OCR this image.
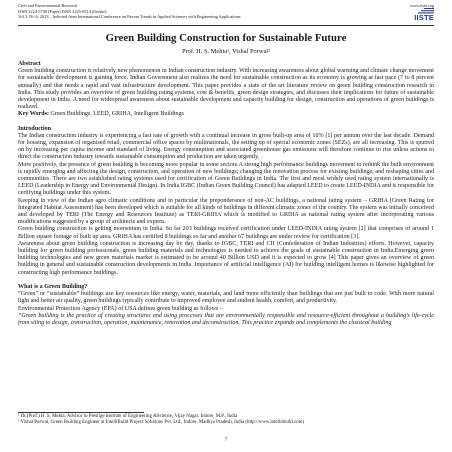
Civil and Environmental Research
ISSN 2224-5790 (Paper) ISSN 2225-0514 (Online)
Vol.3, No.6, 2013 – Selected from International Conference on Recent Trends in Applied Sciences with Engineering Applications
www.iiste.org
IISTE
Green Building Construction for Sustainable Future
Prof. H. S. Mehta¹, Vishal Porwal²
Abstract

Green building construction is relatively new phenomenon in Indian construction industry. With increasing awareness about global warming and climate change movement for sustainable development is gaining force. Indian Government also realizes the need for sustainable construction as its economy is growing at fast pace (7 to 8 percent annually) and that needs a rapid and vast infrastructure development. This paper provides a state of the art literature review on green building construction research in India. This study provides an overview of green building rating systems, cost & benefits, green design strategies, and discusses their implications for future of sustainable development in India. A need for widespread awareness about sustainable development and capacity building for design, construction and operations of green buildings is realized.

Key Words: Green Buildings, LEED, GRIHA, Intelligent Buildings

Introduction

The Indian construction industry is experiencing a fast rate of growth with a continual increase in gross built-up area of 10% [1] per annum over the last decade. Demand for housing, expansion of organised retail, commercial office spaces by multinationals, the setting up of special economic zones (SEZs), are all increasing. This is spurred on by increasing per capita income and standard of living. Energy consumption and associated greenhouse gas emissions will therefore continue to rise unless actions to direct the construction industry towards sustainable consumption and production are taken urgently.

More positively, the presence of green building is becoming more popular in some sectors.A strong high performance buildings movement to rethink the built environment is rapidly emerging and affecting the design, construction, and operation of new buildings; changing the renovation process for existing buildings; and reshaping cities and communities. There are two established rating systems used for certification of Green Buildings in India. The first and most widely used rating system internationally is LEED (Leadership in Energy and Environmental Design). In India IGBC (Indian Green Building Council) has adapted LEED to create LEED-INDIA and is responsible for certifying buildings under this system.

Keeping in view of the Indian agro climatic conditions and in particular the preponderance of non-AC buildings, a national rating system – GRIHA (Green Rating for Integrated Habitat Assessment) has been developed which is suitable for all kinds of buildings in different climatic zones of the country. The system was initially conceived and developed by TERI (The Energy and Resources Institute) as TERI-GRIHA which is modified to GRIHA as national rating system after incorporating various modifications suggested by a group of architects and experts.

Green building construction is getting momentum in India. So far 203 buildings received certification under LEED-INDIA rating system [2] that comprises of around 1 Billion square footage of built up area. GRIHA has certified 8 buildings so far and another 67 buildings are under review for certification [3].

Awareness about green building construction is increasing day by day, thanks to IGBC, TERI and CII (Confederation of Indian Industries) efforts. However, capacity building for green building professionals, green building materials and technologies is needed to achieve the goals of sustainable construction in India.Emerging green building technologies and new green materials market is estimated to be around 40 Billion USD and it is expected to grow [4] This paper gives an overview of green building in general and sustainable construction developments in India. Importance of artificial intelligence (AI) for building intelligent homes is likewise highlighted for constructing high performance buildings.

What is a Green Building?

“Green” or “sustainable” buildings use key resources like energy, water, materials, and land more efficiently than buildings that are just built to code. With more natural light and better air quality, green buildings typically contribute to improved employee and student health, comfort, and productivity.

Environmental Protection Agency (EPA) of USA defines green building as follows –

“Green building is the practice of creating structures and using processes that are environmentally responsible and resource-efficient throughout a building’s life-cycle from siting to design, construction, operation, maintenance, renovation and deconstruction. This practice expands and complements the classical building

¹ Dr.(Prof.) H. S. Mehta, Advisor to Prestige institute of Engineering &Science, Vijay Nagar, Indore, M.P., India
² Vishal Porwal, Green Building Engineer at IntelliBuild Project Solutions Pvt. Ltd., Indore, Madhya Pradesh, India (http://www.intellobuild.com)
7
